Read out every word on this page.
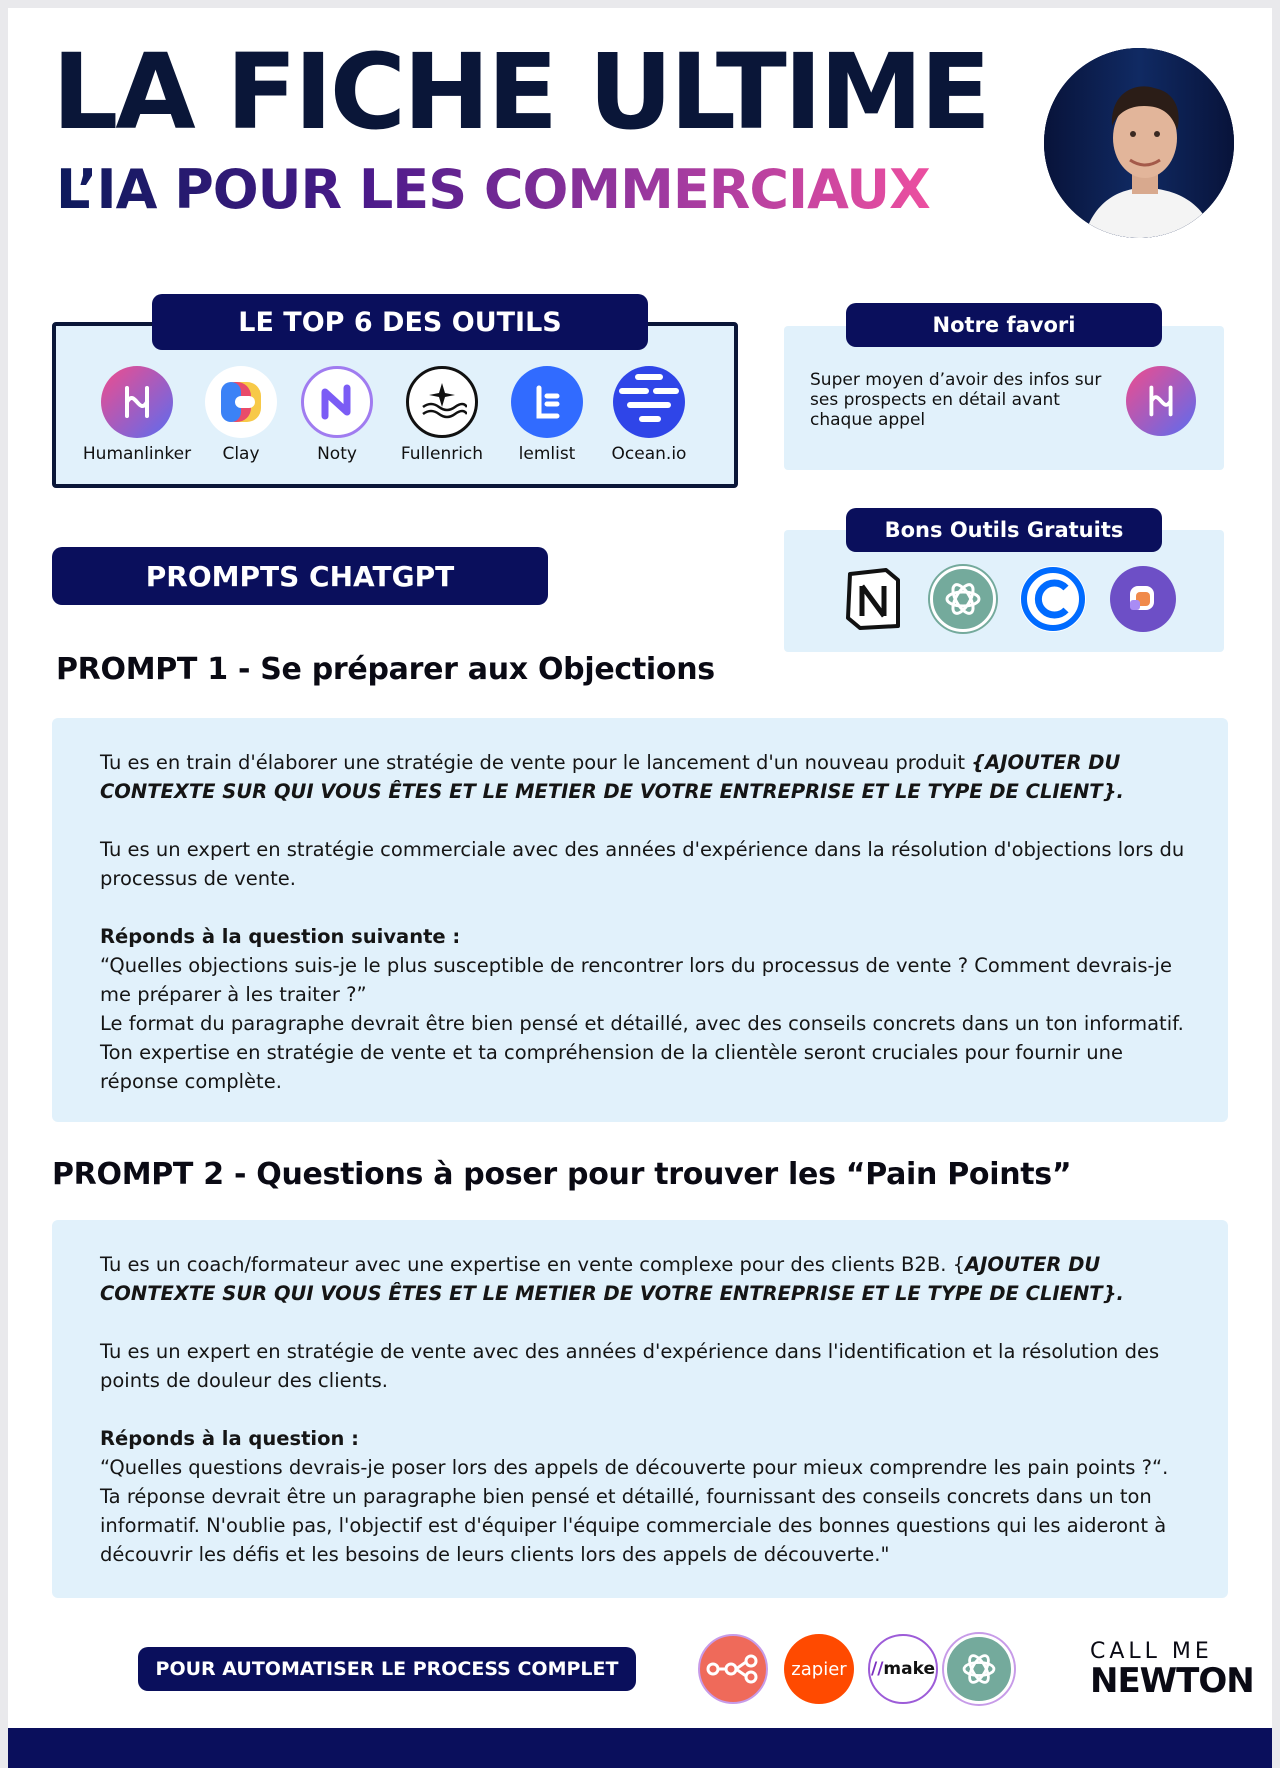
LA FICHE ULTIME
L’IA POUR LES COMMERCIAUX
LE TOP 6 DES OUTILS
Humanlinker	Clay	Noty	Fullenrich	lemlist	Ocean.io
Notre favori

Super moyen d’avoir des infos sur ses prospects en détail avant chaque appel

Bons Outils Gratuits
PROMPTS CHATGPT
PROMPT 1 - Se préparer aux Objections

Tu es en train d'élaborer une stratégie de vente pour le lancement d'un nouveau produit {AJOUTER DU CONTEXTE SUR QUI VOUS ÊTES ET LE METIER DE VOTRE ENTREPRISE ET LE TYPE DE CLIENT}.

Tu es un expert en stratégie commerciale avec des années d'expérience dans la résolution d'objections lors du processus de vente.

Réponds à la question suivante :
“Quelles objections suis-je le plus susceptible de rencontrer lors du processus de vente ? Comment devrais-je me préparer à les traiter ?”
Le format du paragraphe devrait être bien pensé et détaillé, avec des conseils concrets dans un ton informatif.
Ton expertise en stratégie de vente et ta compréhension de la clientèle seront cruciales pour fournir une réponse complète.
PROMPT 2 - Questions à poser pour trouver les “Pain Points”

Tu es un coach/formateur avec une expertise en vente complexe pour des clients B2B. {AJOUTER DU CONTEXTE SUR QUI VOUS ÊTES ET LE METIER DE VOTRE ENTREPRISE ET LE TYPE DE CLIENT}.

Tu es un expert en stratégie de vente avec des années d'expérience dans l'identification et la résolution des points de douleur des clients.

Réponds à la question :
“Quelles questions devrais-je poser lors des appels de découverte pour mieux comprendre les pain points ?“.
Ta réponse devrait être un paragraphe bien pensé et détaillé, fournissant des conseils concrets dans un ton informatif. N'oublie pas, l'objectif est d'équiper l'équipe commerciale des bonnes questions qui les aideront à découvrir les défis et les besoins de leurs clients lors des appels de découverte."
POUR AUTOMATISER LE PROCESS COMPLET	zapier //make
CALL ME
NEWTON
